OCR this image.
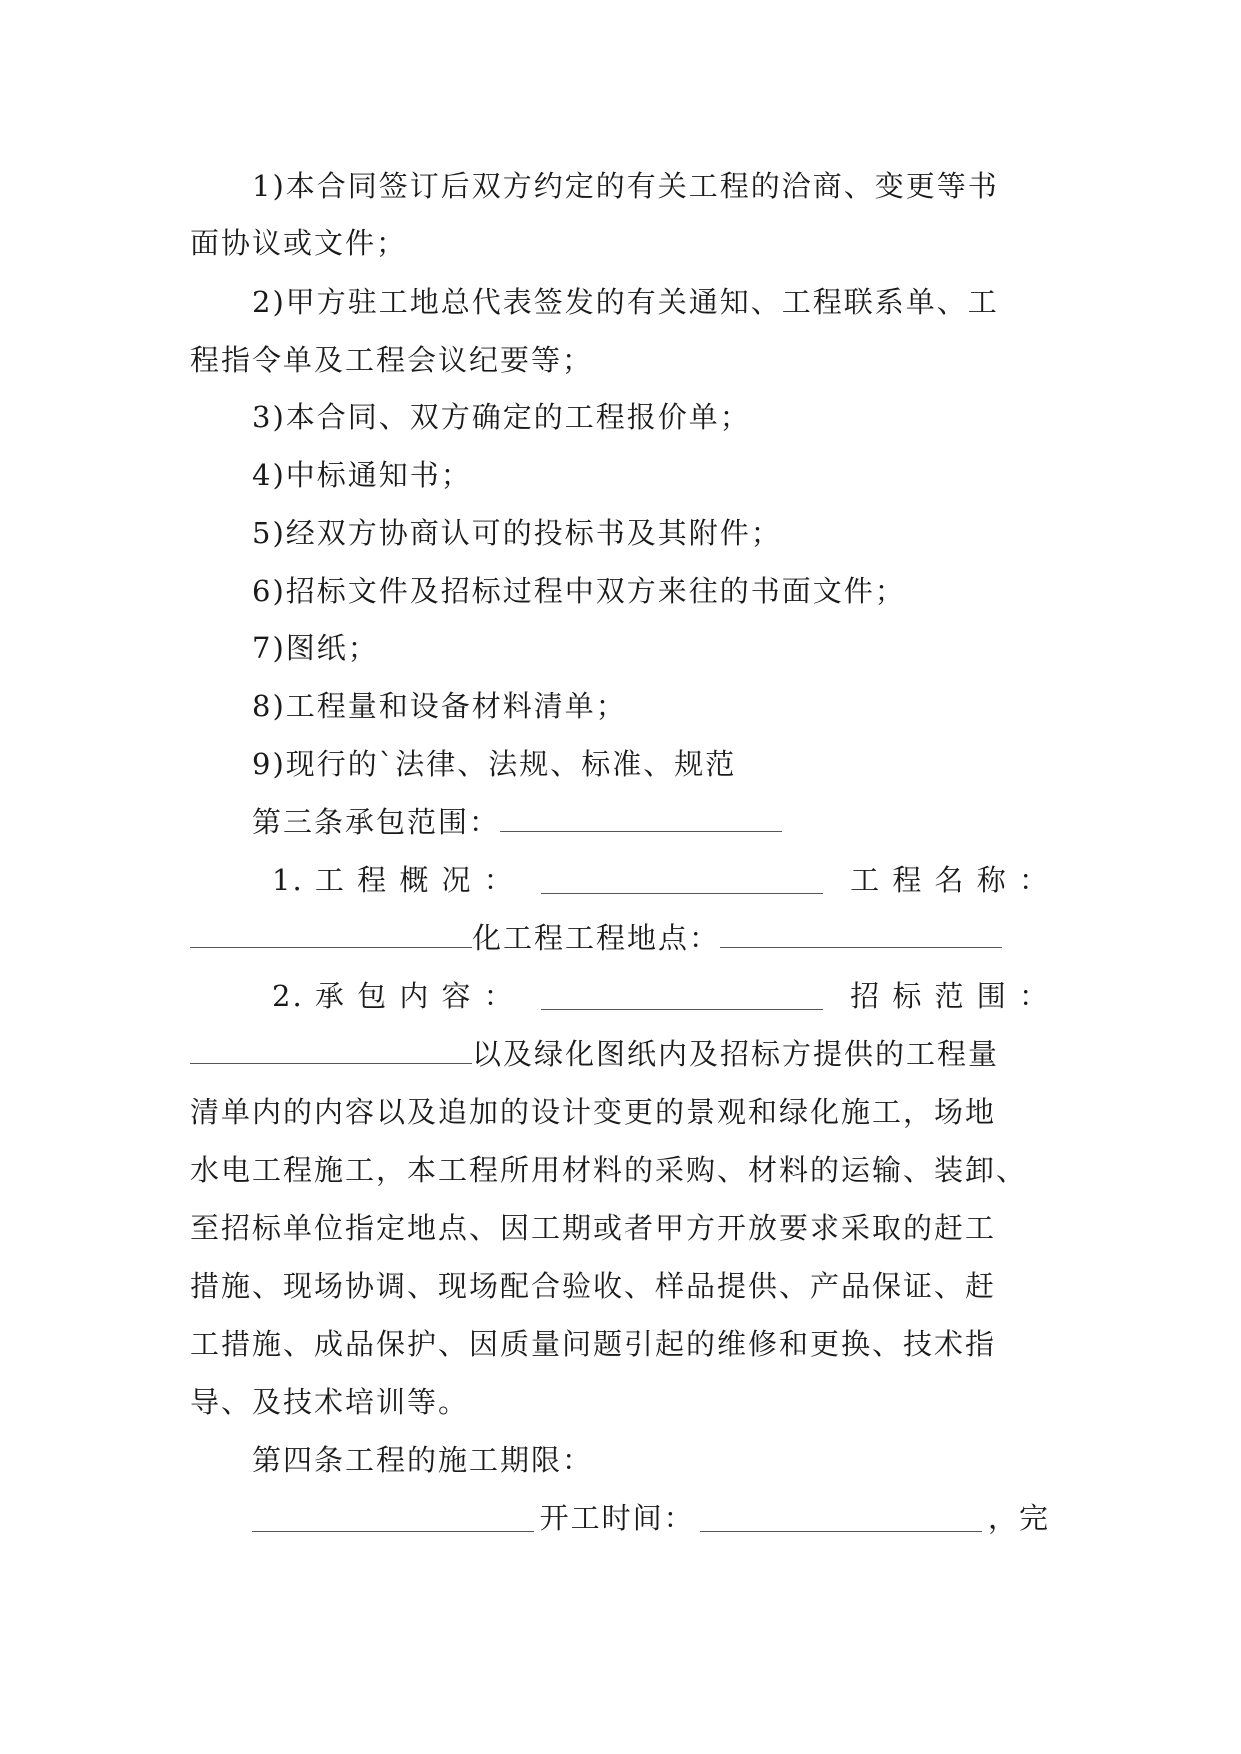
1)本合同签订后双方约定的有关工程的洽商、变更等书
面协议或文件；
2)甲方驻工地总代表签发的有关通知、工程联系单、工
程指令单及工程会议纪要等；
3)本合同、双方确定的工程报价单；
4)中标通知书；
5)经双方协商认可的投标书及其附件；
6)招标文件及招标过程中双方来往的书面文件；
7)图纸；
8)工程量和设备材料清单；
9)现行的`法律、法规、标准、规范
第三条承包范围：
1. 工 程 概 况 ：	工 程 名 称 ：
化工程工程地点：
2. 承 包 内 容 ：	招 标 范 围 ：
以及绿化图纸内及招标方提供的工程量
清单内的内容以及追加的设计变更的景观和绿化施工，场地
水电工程施工，本工程所用材料的采购、材料的运输、装卸、
至招标单位指定地点、因工期或者甲方开放要求采取的赶工
措施、现场协调、现场配合验收、样品提供、产品保证、赶
工措施、成品保护、因质量问题引起的维修和更换、技术指
导、及技术培训等。
第四条工程的施工期限：
开工时间：	，完
